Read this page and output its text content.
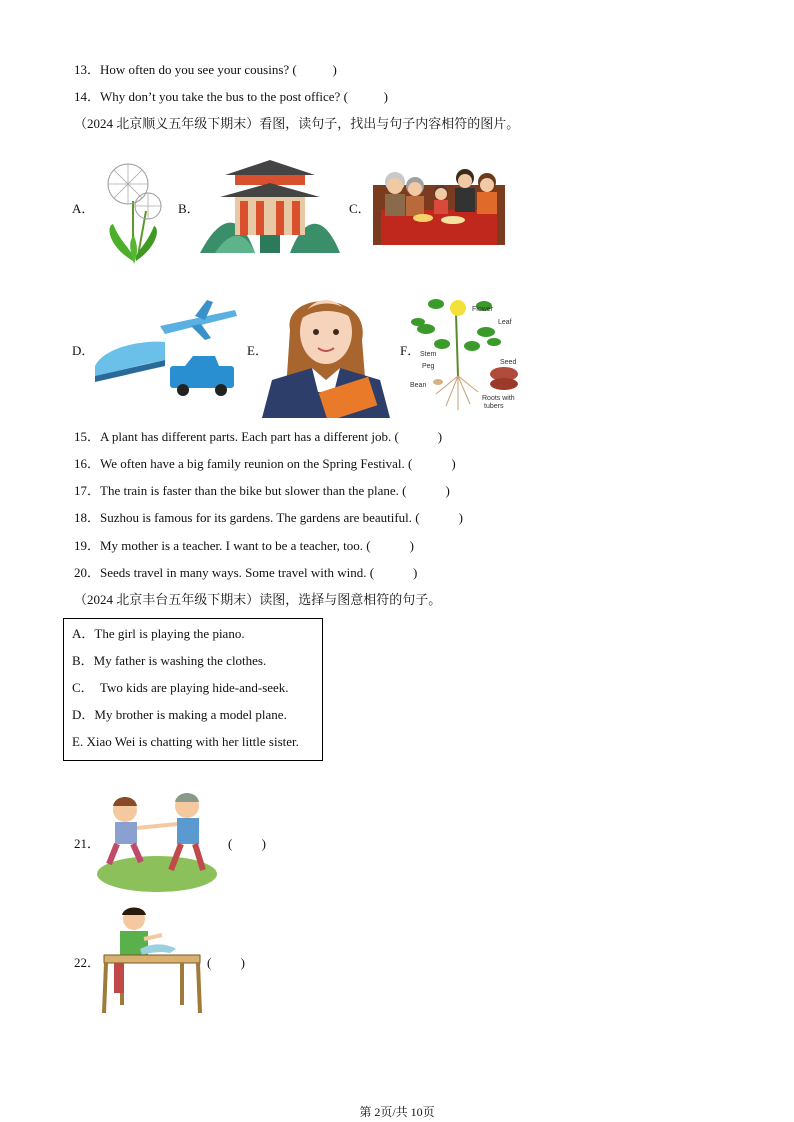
13．How often do you see your cousins? (           )
14．Why don’t you take the bus to the post office? (           )
（2024 北京顺义五年级下期末）看图，读句子，找出与句子内容相符的图片。
A．	B．	C．
D．	E．	F．
Flower
Leaf
Stem
Peg
Seed
Bean
Roots with
tubers
15．A plant has different parts. Each part has a different job. (            )
16．We often have a big family reunion on the Spring Festival. (            )
17．The train is faster than the bike but slower than the plane. (            )
18．Suzhou is famous for its gardens. The gardens are beautiful. (            )
19．My mother is a teacher. I want to be a teacher, too. (            )
20．Seeds travel in many ways. Some travel with wind. (            )
（2024 北京丰台五年级下期末）读图，选择与图意相符的句子。
A．The girl is playing the piano.
B．My father is washing the clothes.
C．  Two kids are playing hide-and-seek.
D．My brother is making a model plane.
E. Xiao Wei is chatting with her little sister.
21．	(         )
22．	(         )
第 2页/共 10页
